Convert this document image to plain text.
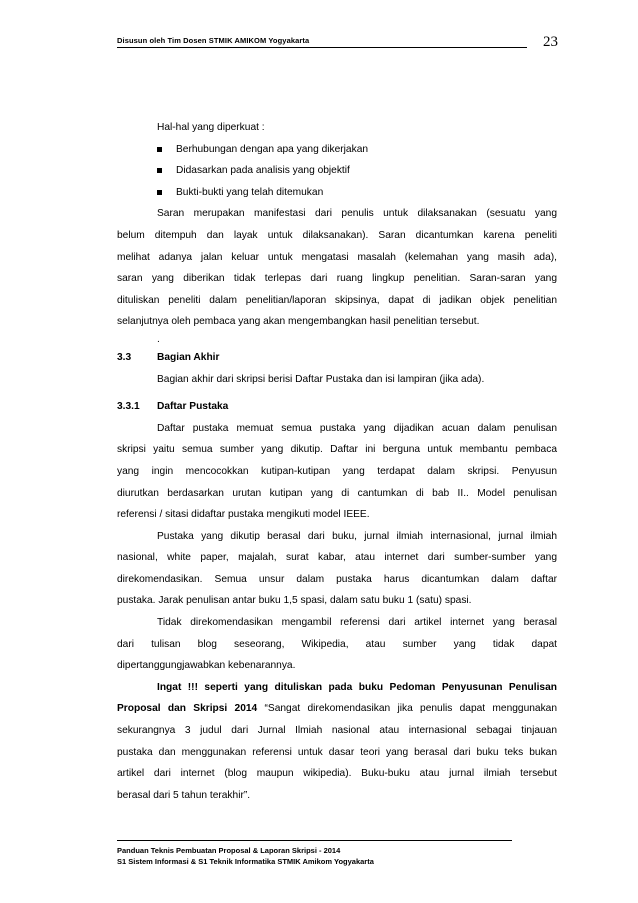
Disusun oleh Tim Dosen STMIK AMIKOM Yogyakarta	23
Hal-hal yang diperkuat :
Berhubungan dengan apa yang dikerjakan
Didasarkan pada analisis yang objektif
Bukti-bukti yang telah ditemukan
Saran merupakan manifestasi dari penulis untuk dilaksanakan (sesuatu yang
belum ditempuh dan layak untuk dilaksanakan). Saran dicantumkan karena peneliti
melihat adanya jalan keluar untuk mengatasi masalah (kelemahan yang masih ada),
saran yang diberikan tidak terlepas dari ruang lingkup penelitian. Saran-saran yang
dituliskan peneliti dalam penelitian/laporan skipsinya, dapat di jadikan objek penelitian
selanjutnya oleh pembaca yang akan mengembangkan hasil penelitian tersebut.
.
3.3	Bagian Akhir
Bagian akhir dari skripsi berisi Daftar Pustaka dan isi lampiran (jika ada).
3.3.1	Daftar Pustaka
Daftar pustaka memuat semua pustaka yang dijadikan acuan dalam penulisan
skripsi yaitu semua sumber yang dikutip. Daftar ini berguna untuk membantu pembaca
yang ingin mencocokkan kutipan-kutipan yang terdapat dalam skripsi. Penyusun
diurutkan berdasarkan urutan kutipan yang di cantumkan di bab II.. Model penulisan
referensi / sitasi didaftar pustaka mengikuti model IEEE.
Pustaka yang dikutip berasal dari buku, jurnal ilmiah internasional, jurnal ilmiah
nasional, white paper, majalah, surat kabar, atau internet dari sumber-sumber yang
direkomendasikan. Semua unsur dalam pustaka harus dicantumkan dalam daftar
pustaka. Jarak penulisan antar buku 1,5 spasi, dalam satu buku 1 (satu) spasi.
Tidak direkomendasikan mengambil referensi dari artikel internet yang berasal
dari tulisan blog seseorang, Wikipedia, atau sumber yang tidak dapat
dipertanggungjawabkan kebenarannya.
Ingat !!! seperti yang dituliskan pada buku Pedoman Penyusunan Penulisan
Proposal dan Skripsi 2014 “Sangat direkomendasikan jika penulis dapat menggunakan
sekurangnya 3 judul dari Jurnal Ilmiah nasional atau internasional sebagai tinjauan
pustaka dan menggunakan referensi untuk dasar teori yang berasal dari buku teks bukan
artikel dari internet (blog maupun wikipedia). Buku-buku atau jurnal ilmiah tersebut
berasal dari 5 tahun terakhir”.
Panduan Teknis Pembuatan Proposal & Laporan Skripsi - 2014
S1 Sistem Informasi & S1 Teknik Informatika STMIK Amikom Yogyakarta
